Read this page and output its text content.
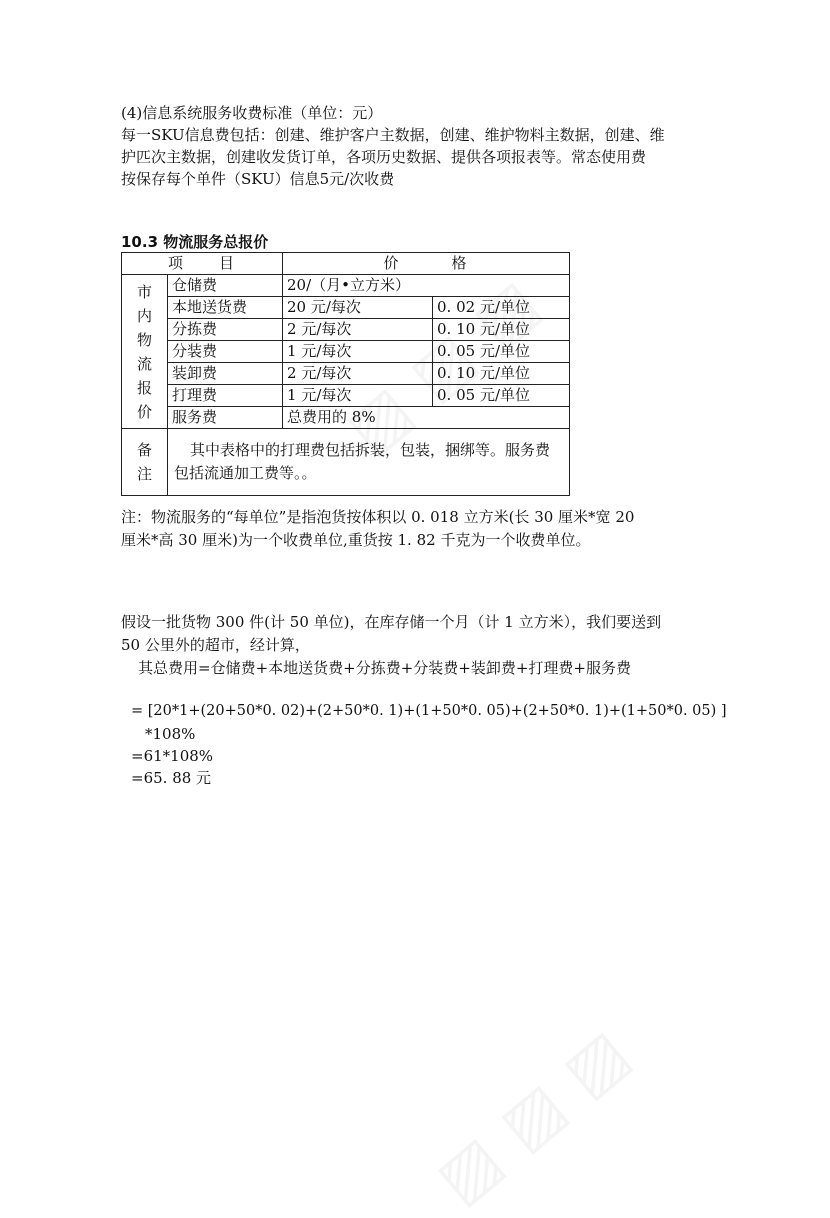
(4)信息系统服务收费标准（单位：元）
每一SKU信息费包括：创建、维护客户主数据，创建、维护物料主数据，创建、维
护匹次主数据，创建收发货订单，各项历史数据、提供各项报表等。常态使用费
按保存每个单件（SKU）信息5元/次收费
10.3 物流服务总报价
项　　目		价　　　格	

市内物流报价	仓储费	20/（月•立方米）	
	本地送货费	20 元/每次	0. 02 元/单位
	分拣费	2 元/每次	0. 10 元/单位
	分装费	1 元/每次	0. 05 元/单位
	装卸费	2 元/每次	0. 10 元/单位
	打理费	1 元/每次	0. 05 元/单位
	服务费	总费用的 8%	

备注	其中表格中的打理费包括拆装，包装，捆绑等。服务费包括流通加工费等。。		
注：物流服务的“每单位”是指泡货按体积以 0. 018 立方米(长 30 厘米*宽 20
厘米*高 30 厘米)为一个收费单位,重货按 1. 82 千克为一个收费单位。
假设一批货物 300 件(计 50 单位)，在库存储一个月（计 1 立方米），我们要送到
50 公里外的超市，经计算，
其总费用=仓储费+本地送货费+分拣费+分装费+装卸费+打理费+服务费
= [20*1+(20+50*0. 02)+(2+50*0. 1)+(1+50*0. 05)+(2+50*0. 1)+(1+50*0. 05) ]
*108%
=61*108%
=65. 88 元
